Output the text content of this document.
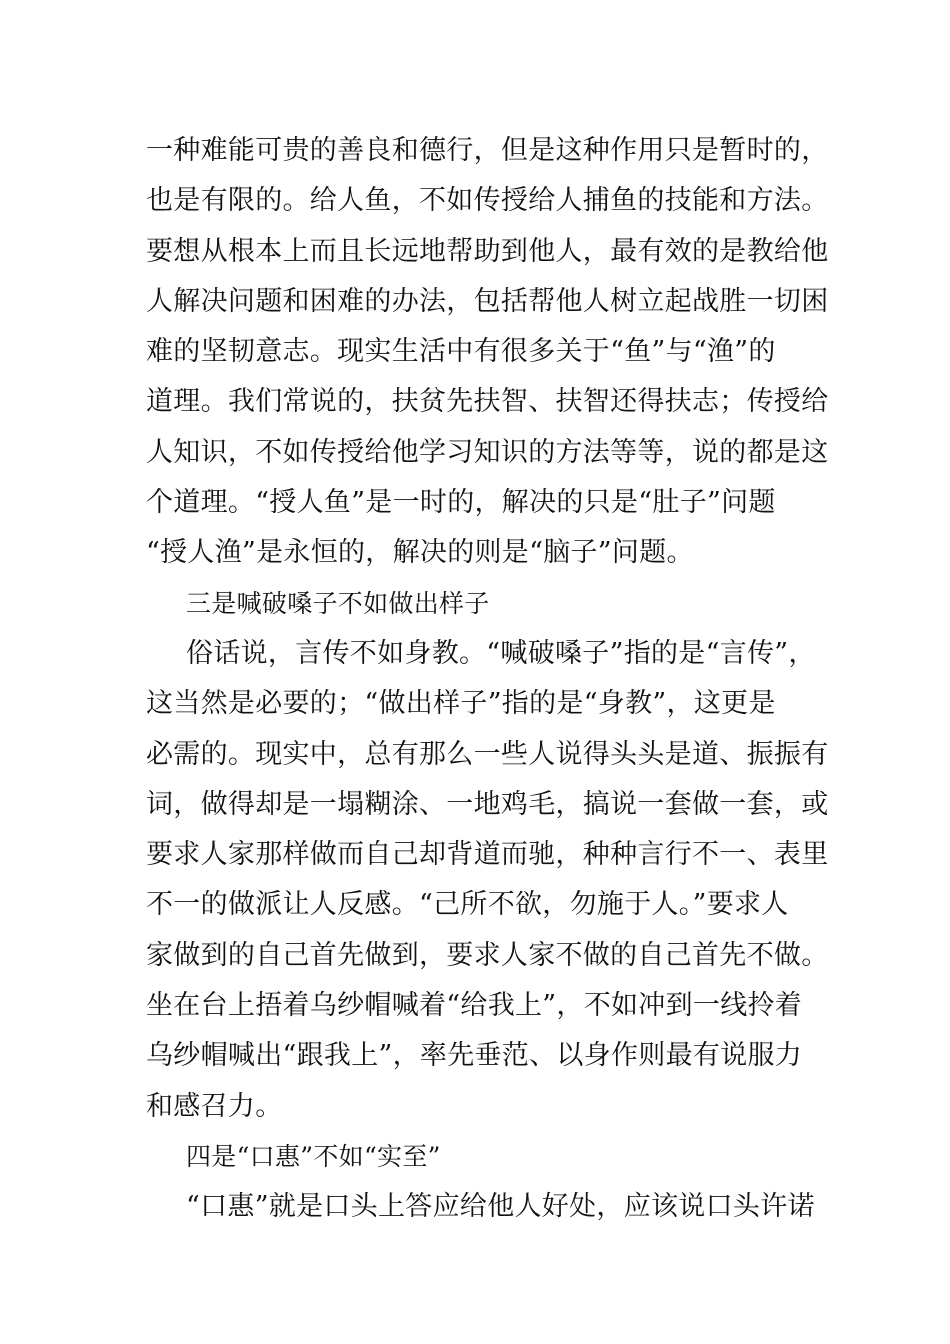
一种难能可贵的善良和德行，但是这种作用只是暂时的，
也是有限的。给人鱼，不如传授给人捕鱼的技能和方法。
要想从根本上而且长远地帮助到他人，最有效的是教给他
人解决问题和困难的办法，包括帮他人树立起战胜一切困
难的坚韧意志。现实生活中有很多关于“鱼”与“渔”的
道理。我们常说的，扶贫先扶智、扶智还得扶志；传授给
人知识，不如传授给他学习知识的方法等等，说的都是这
个道理。“授人鱼”是一时的，解决的只是“肚子”问题
“授人渔”是永恒的，解决的则是“脑子”问题。
三是喊破嗓子不如做出样子
俗话说，言传不如身教。“喊破嗓子”指的是“言传”，
这当然是必要的；“做出样子”指的是“身教”，这更是
必需的。现实中，总有那么一些人说得头头是道、振振有
词，做得却是一塌糊涂、一地鸡毛，搞说一套做一套，或
要求人家那样做而自己却背道而驰，种种言行不一、表里
不一的做派让人反感。“己所不欲，勿施于人。”要求人
家做到的自己首先做到，要求人家不做的自己首先不做。
坐在台上捂着乌纱帽喊着“给我上”，不如冲到一线拎着
乌纱帽喊出“跟我上”，率先垂范、以身作则最有说服力
和感召力。
四是“口惠”不如“实至”
“口惠”就是口头上答应给他人好处，应该说口头许诺
